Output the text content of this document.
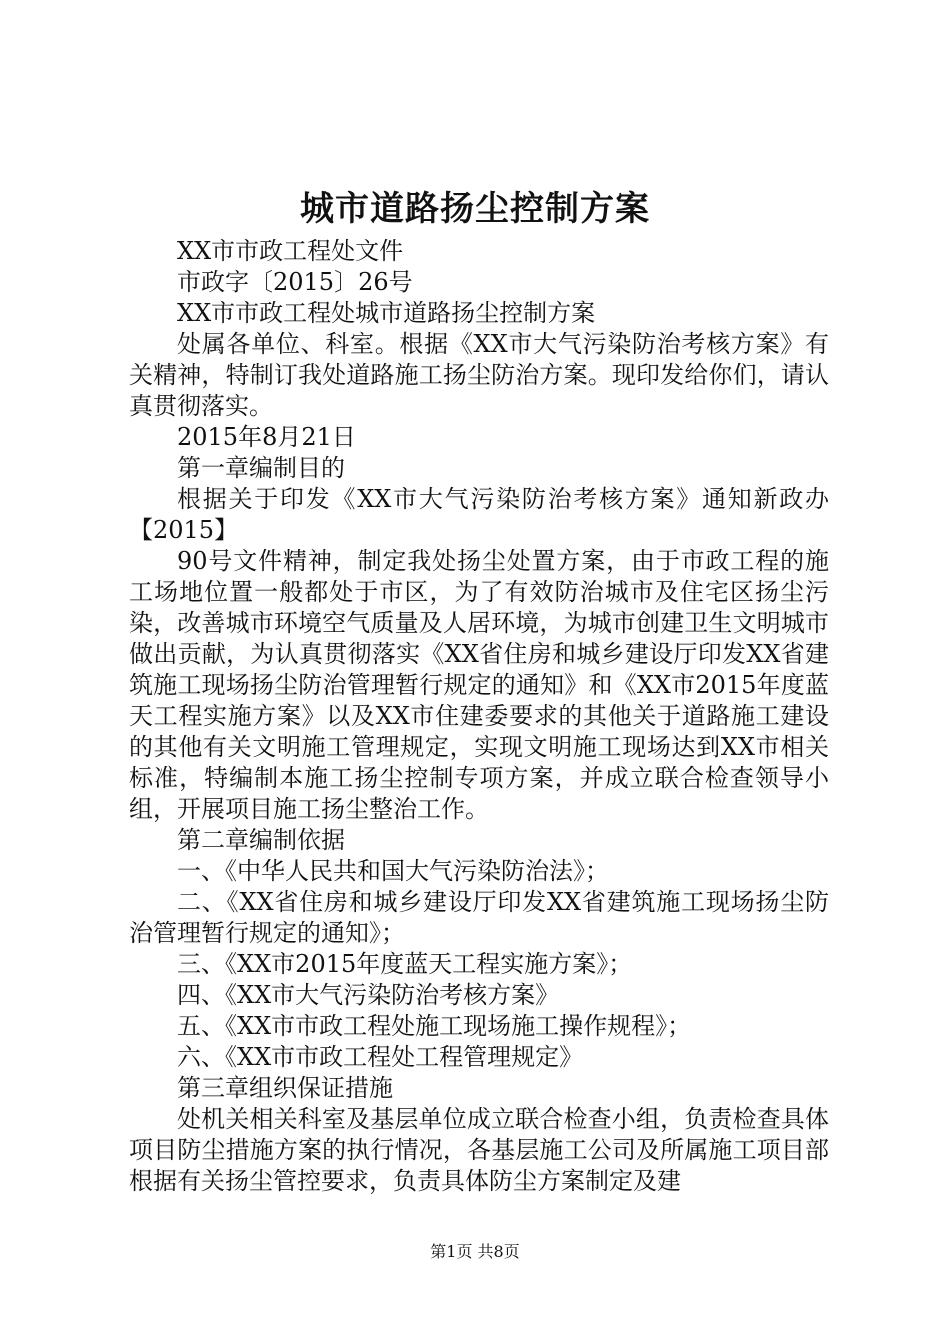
城市道路扬尘控制方案

XX市市政工程处文件

市政字〔2015〕26号

XX市市政工程处城市道路扬尘控制方案

处属各单位、科室。根据《XX市大气污染防治考核方案》有关精神，特制订我处道路施工扬尘防治方案。现印发给你们，请认真贯彻落实。

2015年8月21日

第一章编制目的

根据关于印发《XX市大气污染防治考核方案》通知新政办【2015】

90号文件精神，制定我处扬尘处置方案，由于市政工程的施工场地位置一般都处于市区，为了有效防治城市及住宅区扬尘污染，改善城市环境空气质量及人居环境，为城市创建卫生文明城市做出贡献，为认真贯彻落实《XX省住房和城乡建设厅印发XX省建筑施工现场扬尘防治管理暂行规定的通知》和《XX市2015年度蓝天工程实施方案》以及XX市住建委要求的其他关于道路施工建设的其他有关文明施工管理规定，实现文明施工现场达到XX市相关标准，特编制本施工扬尘控制专项方案，并成立联合检查领导小组，开展项目施工扬尘整治工作。

第二章编制依据

一、《中华人民共和国大气污染防治法》；

二、《XX省住房和城乡建设厅印发XX省建筑施工现场扬尘防治管理暂行规定的通知》；

三、《XX市2015年度蓝天工程实施方案》；

四、《XX市大气污染防治考核方案》

五、《XX市市政工程处施工现场施工操作规程》；

六、《XX市市政工程处工程管理规定》

第三章组织保证措施

处机关相关科室及基层单位成立联合检查小组，负责检查具体项目防尘措施方案的执行情况，各基层施工公司及所属施工项目部根据有关扬尘管控要求，负责具体防尘方案制定及建

第1页 共8页
